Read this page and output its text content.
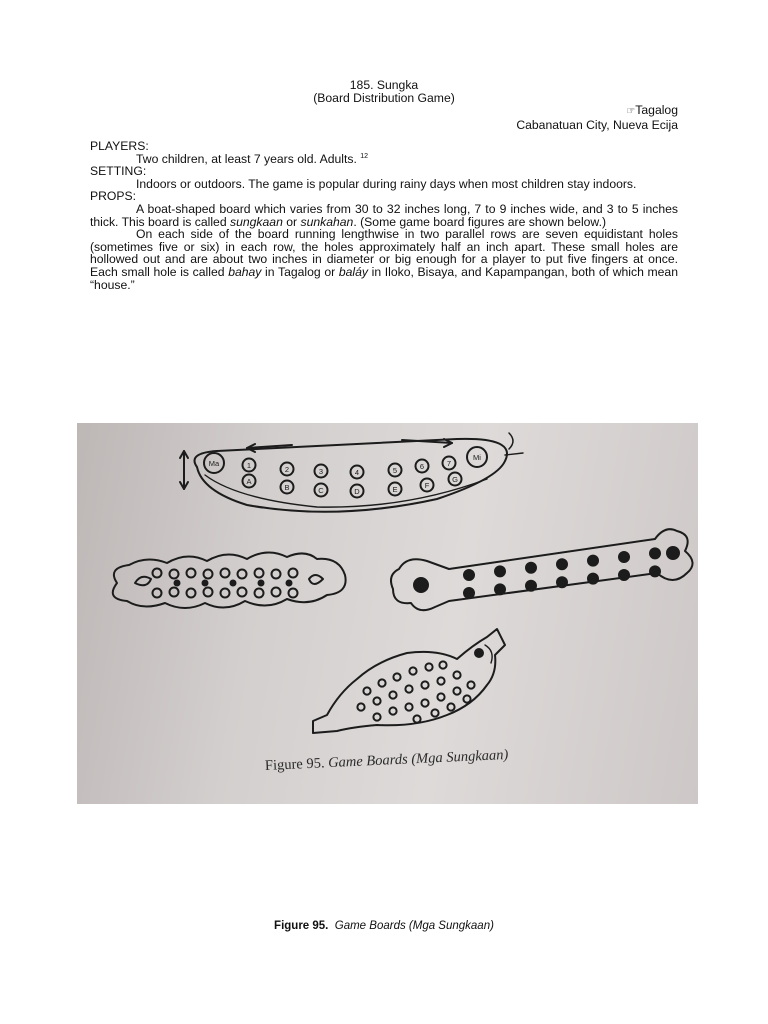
185. Sungka
(Board Distribution Game)
☞Tagalog
Cabanatuan City, Nueva Ecija

PLAYERS:

Two children, at least 7 years old. Adults. $^{12}$

SETTING:

Indoors or outdoors. The game is popular during rainy days when most children stay indoors.

PROPS:

A boat-shaped board which varies from 30 to 32 inches long, 7 to 9 inches wide, and 3 to 5 inches thick. This board is called sungkaan or sunkahan. (Some game board figures are shown below.)

On each side of the board running lengthwise in two parallel rows are seven equidistant holes (sometimes five or six) in each row, the holes approximately half an inch apart. These small holes are hollowed out and are about two inches in diameter or big enough for a player to put five fingers at once. Each small hole is called bahay in Tagalog or baláy in Iloko, Bisaya, and Kapampangan, both of which mean “house.”

Ma	1	2	3	4	5	6	7
Mi
A
B	C	D	E	F
G
Figure 95. Game Boards (Mga Sungkaan)
Figure 95. Game Boards (Mga Sungkaan)
